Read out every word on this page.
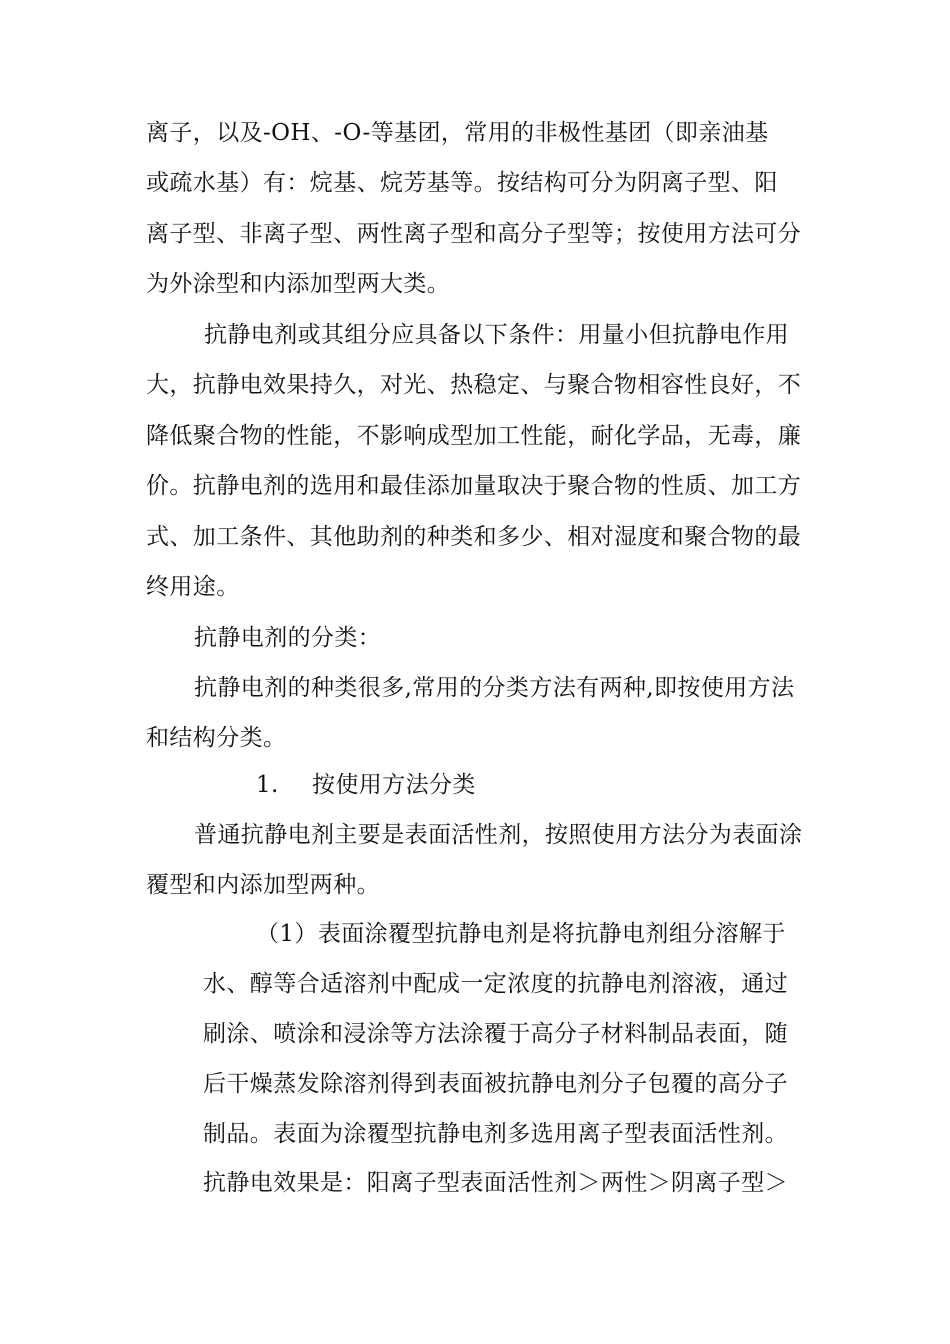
离子，以及-OH、-O-等基团，常用的非极性基团（即亲油基
或疏水基）有：烷基、烷芳基等。按结构可分为阴离子型、阳
离子型、非离子型、两性离子型和高分子型等；按使用方法可分
为外涂型和内添加型两大类。
抗静电剂或其组分应具备以下条件：用量小但抗静电作用
大，抗静电效果持久，对光、热稳定、与聚合物相容性良好，不
降低聚合物的性能，不影响成型加工性能，耐化学品，无毒，廉
价。抗静电剂的选用和最佳添加量取决于聚合物的性质、加工方
式、加工条件、其他助剂的种类和多少、相对湿度和聚合物的最
终用途。
抗静电剂的分类：
抗静电剂的种类很多,常用的分类方法有两种,即按使用方法
和结构分类。
1. 按使用方法分类
普通抗静电剂主要是表面活性剂，按照使用方法分为表面涂
覆型和内添加型两种。
（1）表面涂覆型抗静电剂是将抗静电剂组分溶解于
水、醇等合适溶剂中配成一定浓度的抗静电剂溶液，通过
刷涂、喷涂和浸涂等方法涂覆于高分子材料制品表面，随
后干燥蒸发除溶剂得到表面被抗静电剂分子包覆的高分子
制品。表面为涂覆型抗静电剂多选用离子型表面活性剂。
抗静电效果是：阳离子型表面活性剂＞两性＞阴离子型＞
